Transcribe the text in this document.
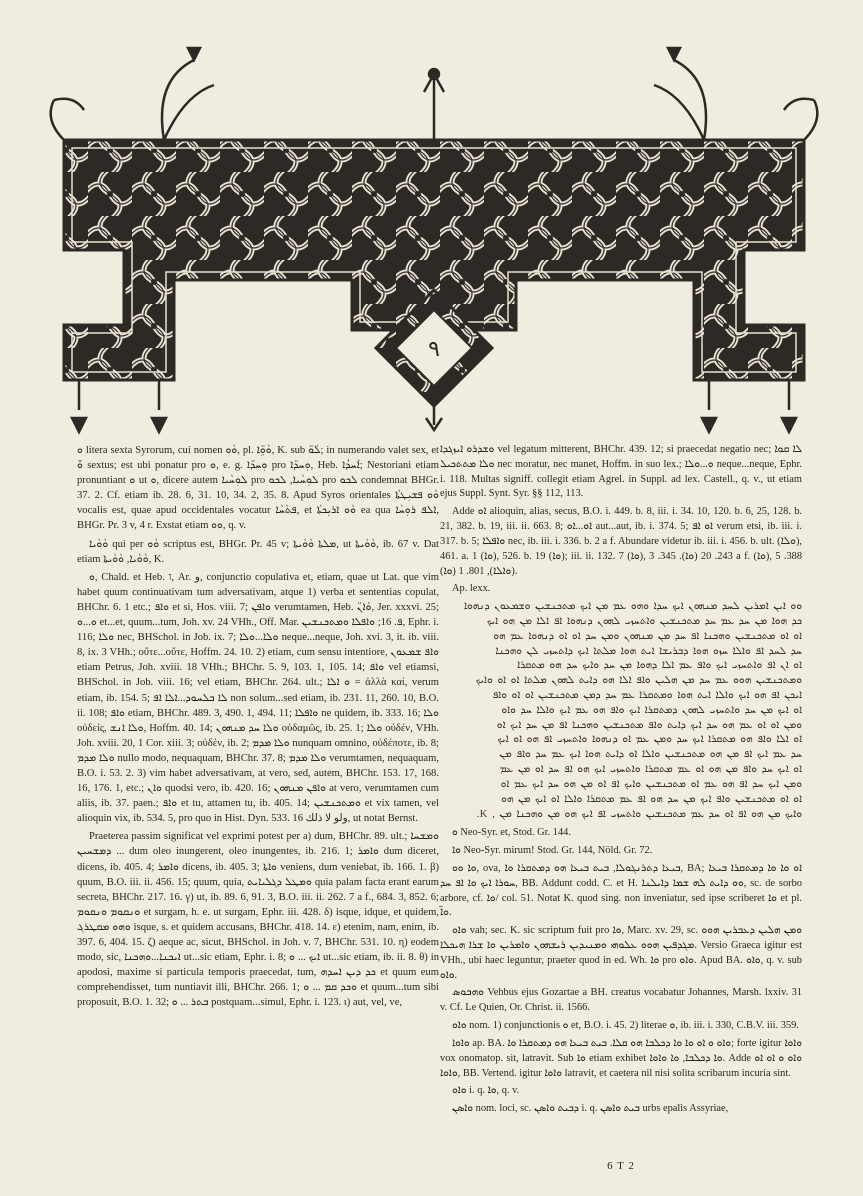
٩

ܘ litera sexta Syrorum, cui nomen ܘܵܘ, pl. ܘܵܘܹ̈ܐ, K. sub ܠܵܘ̈; in numerando valet sex, et ܘ̄ sextus; est ubi ponatur pro ܘ, e. g. ܘܼܚܕ̈ܐ pro ܘܼܚܕ̈ܐ, Heb. ܐܰܚܕܳܐ; Nestoriani etiam pronuntiant ܘ ut ܘ, dicere autem ܠܘܼܚܵܝܐ pro ܠܘܼܚܵܝܐ, ܠܟܘ pro ܠܟܘ condemnat BHGr. 37. 2. Cf. etiam ib. 28. 6, 31. 10, 34. 2, 35. 8. Apud Syros orientales ܘܵܘ ܦܫܝܼܛܬܵܐ vocalis est, quae apud occidentales vocatur ܦܬܵܚܵܐ, et ܘܵܘ ܐܪܝܼܟܬܵܐ ea qua ܐܠܦ ܪܘܼܚܵܐ, BHGr. Pr. 3 v, 4 r. Exstat etiam ܘܘ, q. v.

ܘܵܘܵܝܐ qui per ܘܵܘ scriptus est, BHGr. Pr. 45 v; ܡܠܬܐ ܘܵܘܵܝܬܐ, ut ܘܵܘܵܝܬܐ, ib. 67 v. Dat etiam ܘܵܘܵܝܐ, ܘܵܘܵܝܬܐ, K.

ܘ, Chald. et Heb. ו, Ar. و, conjunctio copulativa et, etiam, quae ut Lat. que vim habet quum continuativam tum adversativam, atque 1) verba et sententias copulat, BHChr. 6. 1 etc.; ܘܐܦ et si, Hos. viii. 7; ܘܐܦܢ verumtamen, Heb. ܘܰܐܢ̈, Jer. xxxvi. 25; ܘ...ܘ et...et, quum...tum, Joh. xv. 24 VHh., Off. Mar. ܦ. 16; ܘܐܦܠܐ ܘܡܬܟܢܫܝܢ, Ephr. i. 116; ܘܠܐ nec, BHSchol. in Job. ix. 7; ܘܠܐ...ܘܠܐ neque...neque, Joh. xvi. 3, it. ib. viii. 8, ix. 3 VHh.; οὔτε...οὔτε, Hoffm. 24. 10. 2) etiam, cum sensu intentiore, ܘܐܦ ܫܡܥܘܢ etiam Petrus, Joh. xviii. 18 VHh.; BHChr. 5. 9, 103. 1, 105. 14; ܘܐܦ vel etiamsi, BHSchol. in Job. viii. 16; vel etiam, BHChr. 264. ult.; ܘ ܐܠܐ = ἀλλὰ καί, verum etiam, ib. 154. 5; ܠܐ ܒܠܚܘܕ...ܐܠܐ ܐܦ non solum...sed etiam, ib. 231. 11, 260. 10, B.O. ii. 108; ܘܐܦ etiam, BHChr. 489. 3, 490. 1, 494. 11; ܘܐܦܠܐ ne quidem, ib. 333. 16; ܘܠܐ οὐδείς, ܘܠܐ ܐܢܫ, Hoffm. 40. 14; ܘܠܐ ܚܕ ܡܢܗܘܢ οὐδαμῶς, ib. 25. 1; ܘܠܐ οὐδέν, VHh. Joh. xviii. 20, 1 Cor. xiii. 3; οὐδέν, ib. 2; ܘܠܐ ܡܕܡ nunquam omnino, οὐδέποτε, ib. 8; ܘܠܐ ܡܕܡ nullo modo, nequaquam, BHChr. 37. 8; ܘܠܐ ܡܕܡ verumtamen, nequaquam, B.O. i. 53. 2. 3) vim habet adversativam, at vero, sed, autem, BHChr. 153. 17, 168. 16, 176. 1, etc.; ܘܐܢ quodsi vero, ib. 420. 16; ܘܐܦܢ ܡܢܗܘܢ at vero, verumtamen cum aliis, ib. 37. paen.; ܘܐܦ et tu, attamen tu, ib. 405. 14; ܘܡܬܟܢܫܝܢ et vix tamen, vel alioquin vix, ib. 534. 5, pro quo in Hist. Dyn. 533. 16 ولو لا ذلك, ut notat Bernst.

Praeterea passim significat vel exprimi potest per a) dum, BHChr. 89. ult.; ܘܡܫܚܐ ... ܕܡܫܚܝܢ dum oleo inungerent, oleo inungentes, ib. 216. 1; ܘܐܡܪ dum diceret, dicens, ib. 405. 4; ܘܐܡܪ dicens, ib. 405. 3; ܘܐܬܐ veniens, dum veniebat, ib. 166. 1. β) quum, B.O. iii. ii. 456. 15; quum, quia, ܘܡܛܠ ܕܓܠܝܐܝܬ quia palam facta erant earum secreta, BHChr. 217. 16. γ) ut, ib. 89. 6, 91. 3, B.O. iii. ii. 262. 7 a f., 684. 3, 852. 6; ܘܢܩܘܡ ܘܢܩܘܡ et surgam, h. e. ut surgam, Ephr. iii. 428. δ) isque, idque, et quidem, ܘܗܘ ܡܩܛܪܓ isque, s. et quidem accusans, BHChr. 418. 14. ε) etenim, nam, enim, ib. 397. 6, 404. 15. ζ) aeque ac, sicut, BHSchol. in Joh. v. 7, BHChr. 531. 10. η) eodem modo, sic, ܐܝܟܢܐ...ܘܗܟܢܐ ut...sic etiam, Ephr. i. 8; ܐܝܟ ... ܘ ut...sic etiam, ib. ii. 8. θ) in apodosi, maxime si particula temporis praecedat, tum, ܟܕ ܕܝܢ ܐܚܕܗ et quum eum comprehendisset, tum nuntiavit illi, BHChr. 266. 1; ܘܟܕ ܩܡ ... ܘ et quum...tum sibi proposuit, B.O. 1. 32; ܒܬܪ ... ܘ postquam...simul, Ephr. i. 123. ι) aut, vel, ve,

ܘܫܕܪܘ ܐܝܙܓܕܐ vel legatum mitterent, BHChr. 439. 12; si praecedat negatio nec; ܠܐ ܩܘܐ ܘܠܐ ܡܬܬܟܝܠ nec moratur, nec manet, Hoffm. in suo lex.; ܘ...ܘܠܐ neque...neque, Ephr. i. 118. Multas signiff. collegit etiam Agrel. in Suppl. ad lex. Castell., q. v., ut etiam ejus Suppl. Synt. Syr. §§ 112, 113.

Adde ܐܘ alioquin, alias, secus, B.O. i. 449. b. 8, iii. i. 34. 10, 120. b. 6, 25, 128. b. 21, 382. b. 19, iii. ii. 663. 8; ܐܘ...ܐܘ aut...aut, ib. i. 374. 5; ܐܘ ܐܦ verum etsi, ib. iii. i. 317. b. 5; ܘܐܦܠܐ nec, ib. iii. i. 336. b. 2 a f. Abundare videtur ib. iii. i. 456. b. ult. (ܘܠܐ), 461. a. 1 (ܘܐ), 526. b. 19 (ܘܐ); iii. ii. 132. 7 (ܘܐ), 243. 20 (ܘܐ). 345. 3 a f. (ܘܐ), 388. 5 (ܘܐܠܐ), 801. 1 (ܘܐ).

Ap. lexx.

ܘܘ ܐܝܢ ܐܡܪܝܢ ܠܚܕ ܡܢܗܘܢ ܐܝܟ ܚܕܐ ܘܗܘ ܥܡ ܡܢ ܐܝܟ ܡܬܟܢܫܝܢ ܘܫܡܥܘܢ ܕܢܗܘܐ
ܟܕ ܗܘܐ ܡܢ ܚܕ ܥܡ ܚܕ ܡܬܟܢܫܝܢ ܘܐܬܚܙܝ ܠܗܘܢ ܕܢܗܘܐ ܐܦ ܐܠܐ ܡܢ ܗܘ ܐܝܟ
ܐܘ ܐܘ ܡܬܟܢܫܝܢ ܘܗܟܢܐ ܐܦ ܚܕ ܡܢ ܡܢܗܘܢ ܘܡܢ ܚܕ ܐܘ ܐܘ ܕܢܗܘܐ ܥܡ ܗܘ
ܚܕ ܠܚܕ ܐܦ ܘܐܠܐ ܚܙܘ ܗܘܐ ܕܒܪܝܫܐ ܐܝܬ ܗܘܐ ܡܠܬܐ ܐܝܟ ܕܐܬܚܙܝ ܠܢ ܘܗܟܢܐ
ܐܘ ܐܢ ܐܦ ܘܐܬܚܙܝ ܐܝܟ ܘܐܦ ܥܡ ܐܠܐ ܕܗܘܐ ܡܢ ܚܕ ܘܐܝܟ ܚܕ ܗܘ ܡܬܩܪܐ
ܘܡܬܟܢܫܝܢ ܗܘܘ ܥܡ ܚܕ ܡܢ ܗܠܝܢ ܘܐܦ ܐܠܐ ܗܘ ܕܐܝܬ ܠܗܘܢ ܡܠܬܐ ܐܘ ܐܘ ܘܐܝܟ
ܐܝܟܢ ܐܦ ܗܘ ܐܝܟ ܘܐܠܐ ܐܝܬ ܗܘܐ ܘܡܬܩܪܐ ܥܡ ܚܕ ܕܡܢ ܡܬܟܢܫܝܢ ܐܘ ܐܘ ܘܐܦ
ܐܘ ܐܝܟ ܡܢ ܚܕ ܘܐܬܚܙܝ ܠܗܘܢ ܕܡܬܩܪܐ ܐܝܟ ܘܐܦ ܗܘ ܥܡ ܐܝܟ ܘܐܠܐ ܚܕ ܘܐܘ
ܘܡܢ ܐܘ ܐܘ ܥܡ ܗܘ ܚܕ ܐܝܟ ܕܐܝܬ ܘܐܦ ܡܬܟܢܫܝܢ ܘܗܟܢܐ ܐܦ ܡܢ ܚܕ ܐܝܟ ܐܘ
ܐܘ ܐܠܐ ܘܐܦ ܗܘ ܡܬܩܪܐ ܐܝܟ ܚܕ ܘܡܢ ܥܡ ܐܘ ܕܢܗܘܐ ܘܐܬܚܙܝ ܐܦ ܗܘ ܐܘ ܐܝܟ
ܚܕ ܥܡ ܐܝܟ ܐܦ ܡܢ ܗܘ ܡܬܟܢܫܝܢ ܘܐܠܐ ܐܘ ܕܐܝܬ ܗܘܐ ܐܝܟ ܥܡ ܚܕ ܘܐܦ ܡܢ
ܐܘ ܐܝܟ ܚܕ ܘܐܦ ܡܢ ܗܘ ܐܘ ܥܡ ܡܬܩܪܐ ܘܐܬܚܙܝ ܐܝܟ ܗܘ ܐܦ ܚܕ ܐܘ ܡܢ ܥܡ
ܘܡܢ ܐܝܟ ܚܕ ܐܦ ܗܘ ܥܡ ܐܘ ܡܬܟܢܫܝܢ ܘܐܝܟ ܐܦ ܐܘ ܡܢ ܗܘ ܚܕ ܐܝܟ ܥܡ ܐܘ
ܐܘ ܐܘ ܡܬܟܢܫܝܢ ܘܐܦ ܐܝܟ ܡܢ ܚܕ ܗܘ ܐܦ ܥܡ ܡܬܩܪܐ ܘܐܠܐ ܐܘ ܐܝܟ ܡܢ ܗܘ
ܘܐܝܟ ܡܢ ܗܘ ܐܦ ܐܘ ܚܕ ܥܡ ܡܬܟܢܫܝܢ ܘܐܬܚܙܝ ܐܦ ܐܝܟ ܗܘ ܡܢ ܘܗܟܢܐ ܡܢ , K.

ܘ Neo-Syr. et, Stod. Gr. 144.

ܘܐ Neo-Syr. mirum! Stod. Gr. 144, Nöld. Gr. 72.

ܘܐ ܘܘ, ova, ܒܝܥܐ ܕܬܪܢܓܘܠܐ, ܒܝܬ ܒܝܥܐ ܗܘ ܕܡܬܩܪܐ ܘܐ, BA; ܐܘ ܘܐ ܘܐ ܕܡܬܩܪܐ ܒܝܥܐ ܚܘܪܐ ܐܝܟ ܘܐ ܐܦ ܚܕ, BB. Addunt codd. C. et H. ܘܘ ܕܐܝܬ ܠܗ ܫܡܐ ܕܐܝܠܢܐ, sc. de sorbo arbore, cf. ܘܐ/ col. 51. Notat K. quod sing. non inveniatur, sed ipse scriberet ܘܐ et pl. ܘܐ̈.

ܘܐܘ vah; sec. K. sic scriptum fuit pro ܘܐ, Marc. xv. 29, sc. ܘܡܢ ܗܠܝܢ ܕܥܒܪܝܢ ܗܘܘ ܡܓܕܦܝܢ ܗܘܘ ܥܠܘܗܝ ܘܡܢܝܕܝܢ ܪܝܫܗܘܢ ܘܐܡܪܝܢ ܘܐ ܫܪܐ ܗܝܟܠܐ. Versio Graeca igitur est VHh., ubi haec leguntur, praeter quod in ed. Wh. ܘܐ pro ܘܐܘ. Apud BA. ܘܐܘ, q. v. sub ܘܐܘ.

ܘܗܒܘܣ Vehbus ejus Gozartae a BH. creatus vocabatur Johannes, Marsh. lxxiv. 31 v. Cf. Le Quien, Or. Christ. ii. 1566.

ܘܐܘ nom. 1) conjunctionis ܘ et, B.O. i. 45. 2) literae ܘ, ib. iii. i. 330, C.B.V. iii. 359.

ܘܐܘܐ ap. BA. ܘܐܘ ܘ ܐܘ ܘܐ ܘܐ ܕܟܠܒܐ ܗܘ ܩܠܐ. ܒܝܬ ܒܝܥܐ ܗܘ ܕܡܬܩܪܐ ܘܐ; forte igitur ܘܐܘܐ vox onomatop. sit, latravit. Sub ܘܐ etiam exhibet ܘܐ ܕܟܠܒܐ, ܘܐ ܘܐܘܐ. Adde ܘܐܘ ܘ ܐܘ ܐܘ ܘܐܘܐ, BB. Vertend. igitur ܘܐܘܐ latravit, et caetera nil nisi solita scribarum incuria sint.

ܘܐܘ i. q. ܘܐ, q. v.

ܘܐܣܢ nom. loci, sc. ܕܒܝܬ ܘܐܣܢ i. q. ܒܝܬ ܘܐܣܢ urbs epalis Assyriae,

6 T 2
